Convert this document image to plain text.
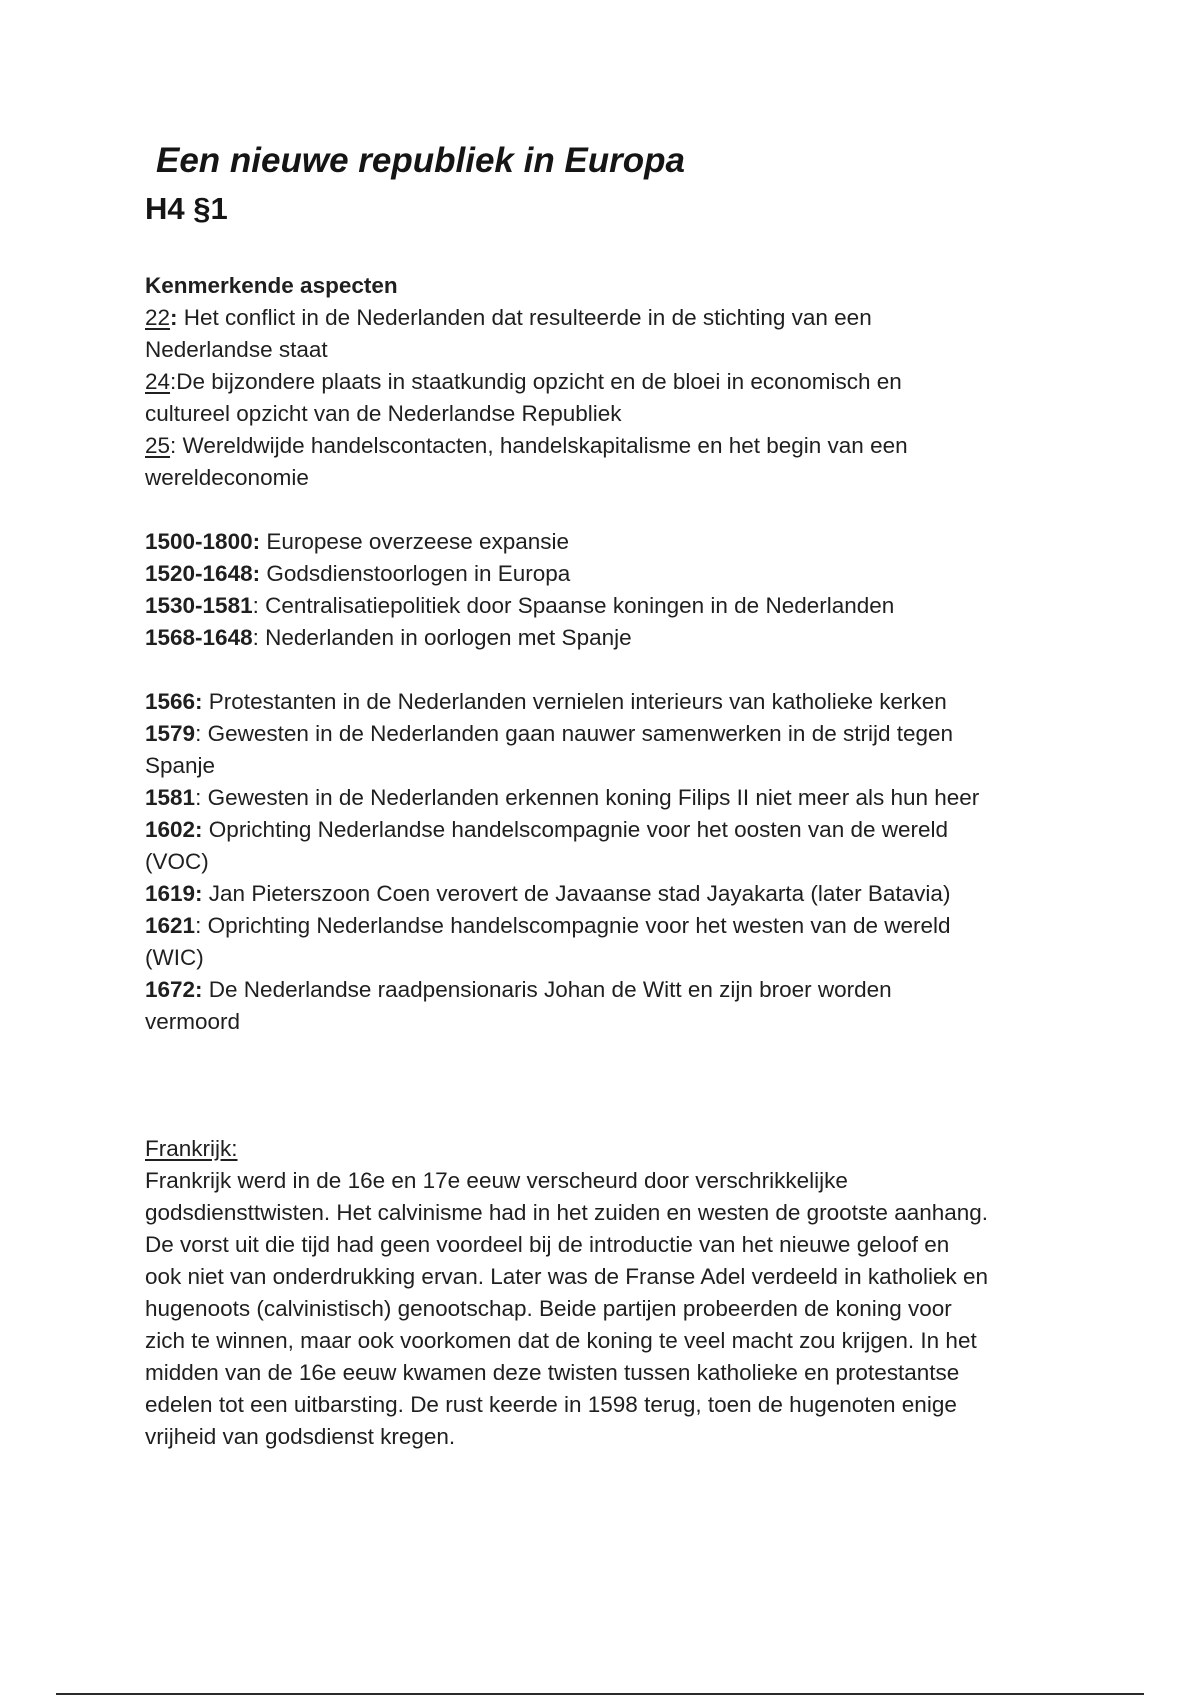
Een nieuwe republiek in Europa
H4 §1

Kenmerkende aspecten

22: Het conflict in de Nederlanden dat resulteerde in de stichting van een

Nederlandse staat

24:De bijzondere plaats in staatkundig opzicht en de bloei in economisch en

cultureel opzicht van de Nederlandse Republiek

25: Wereldwijde handelscontacten, handelskapitalisme en het begin van een

wereldeconomie

1500-1800: Europese overzeese expansie

1520-1648: Godsdienstoorlogen in Europa

1530-1581: Centralisatiepolitiek door Spaanse koningen in de Nederlanden

1568-1648: Nederlanden in oorlogen met Spanje

1566: Protestanten in de Nederlanden vernielen interieurs van katholieke kerken

1579: Gewesten in de Nederlanden gaan nauwer samenwerken in de strijd tegen

Spanje

1581: Gewesten in de Nederlanden erkennen koning Filips II niet meer als hun heer

1602: Oprichting Nederlandse handelscompagnie voor het oosten van de wereld

(VOC)

1619: Jan Pieterszoon Coen verovert de Javaanse stad Jayakarta (later Batavia)

1621: Oprichting Nederlandse handelscompagnie voor het westen van de wereld

(WIC)

1672: De Nederlandse raadpensionaris Johan de Witt en zijn broer worden

vermoord

Frankrijk:

Frankrijk werd in de 16e en 17e eeuw verscheurd door verschrikkelijke

godsdiensttwisten. Het calvinisme had in het zuiden en westen de grootste aanhang.

De vorst uit die tijd had geen voordeel bij de introductie van het nieuwe geloof en

ook niet van onderdrukking ervan. Later was de Franse Adel verdeeld in katholiek en

hugenoots (calvinistisch) genootschap. Beide partijen probeerden de koning voor

zich te winnen, maar ook voorkomen dat de koning te veel macht zou krijgen. In het

midden van de 16e eeuw kwamen deze twisten tussen katholieke en protestantse

edelen tot een uitbarsting. De rust keerde in 1598 terug, toen de hugenoten enige

vrijheid van godsdienst kregen.
